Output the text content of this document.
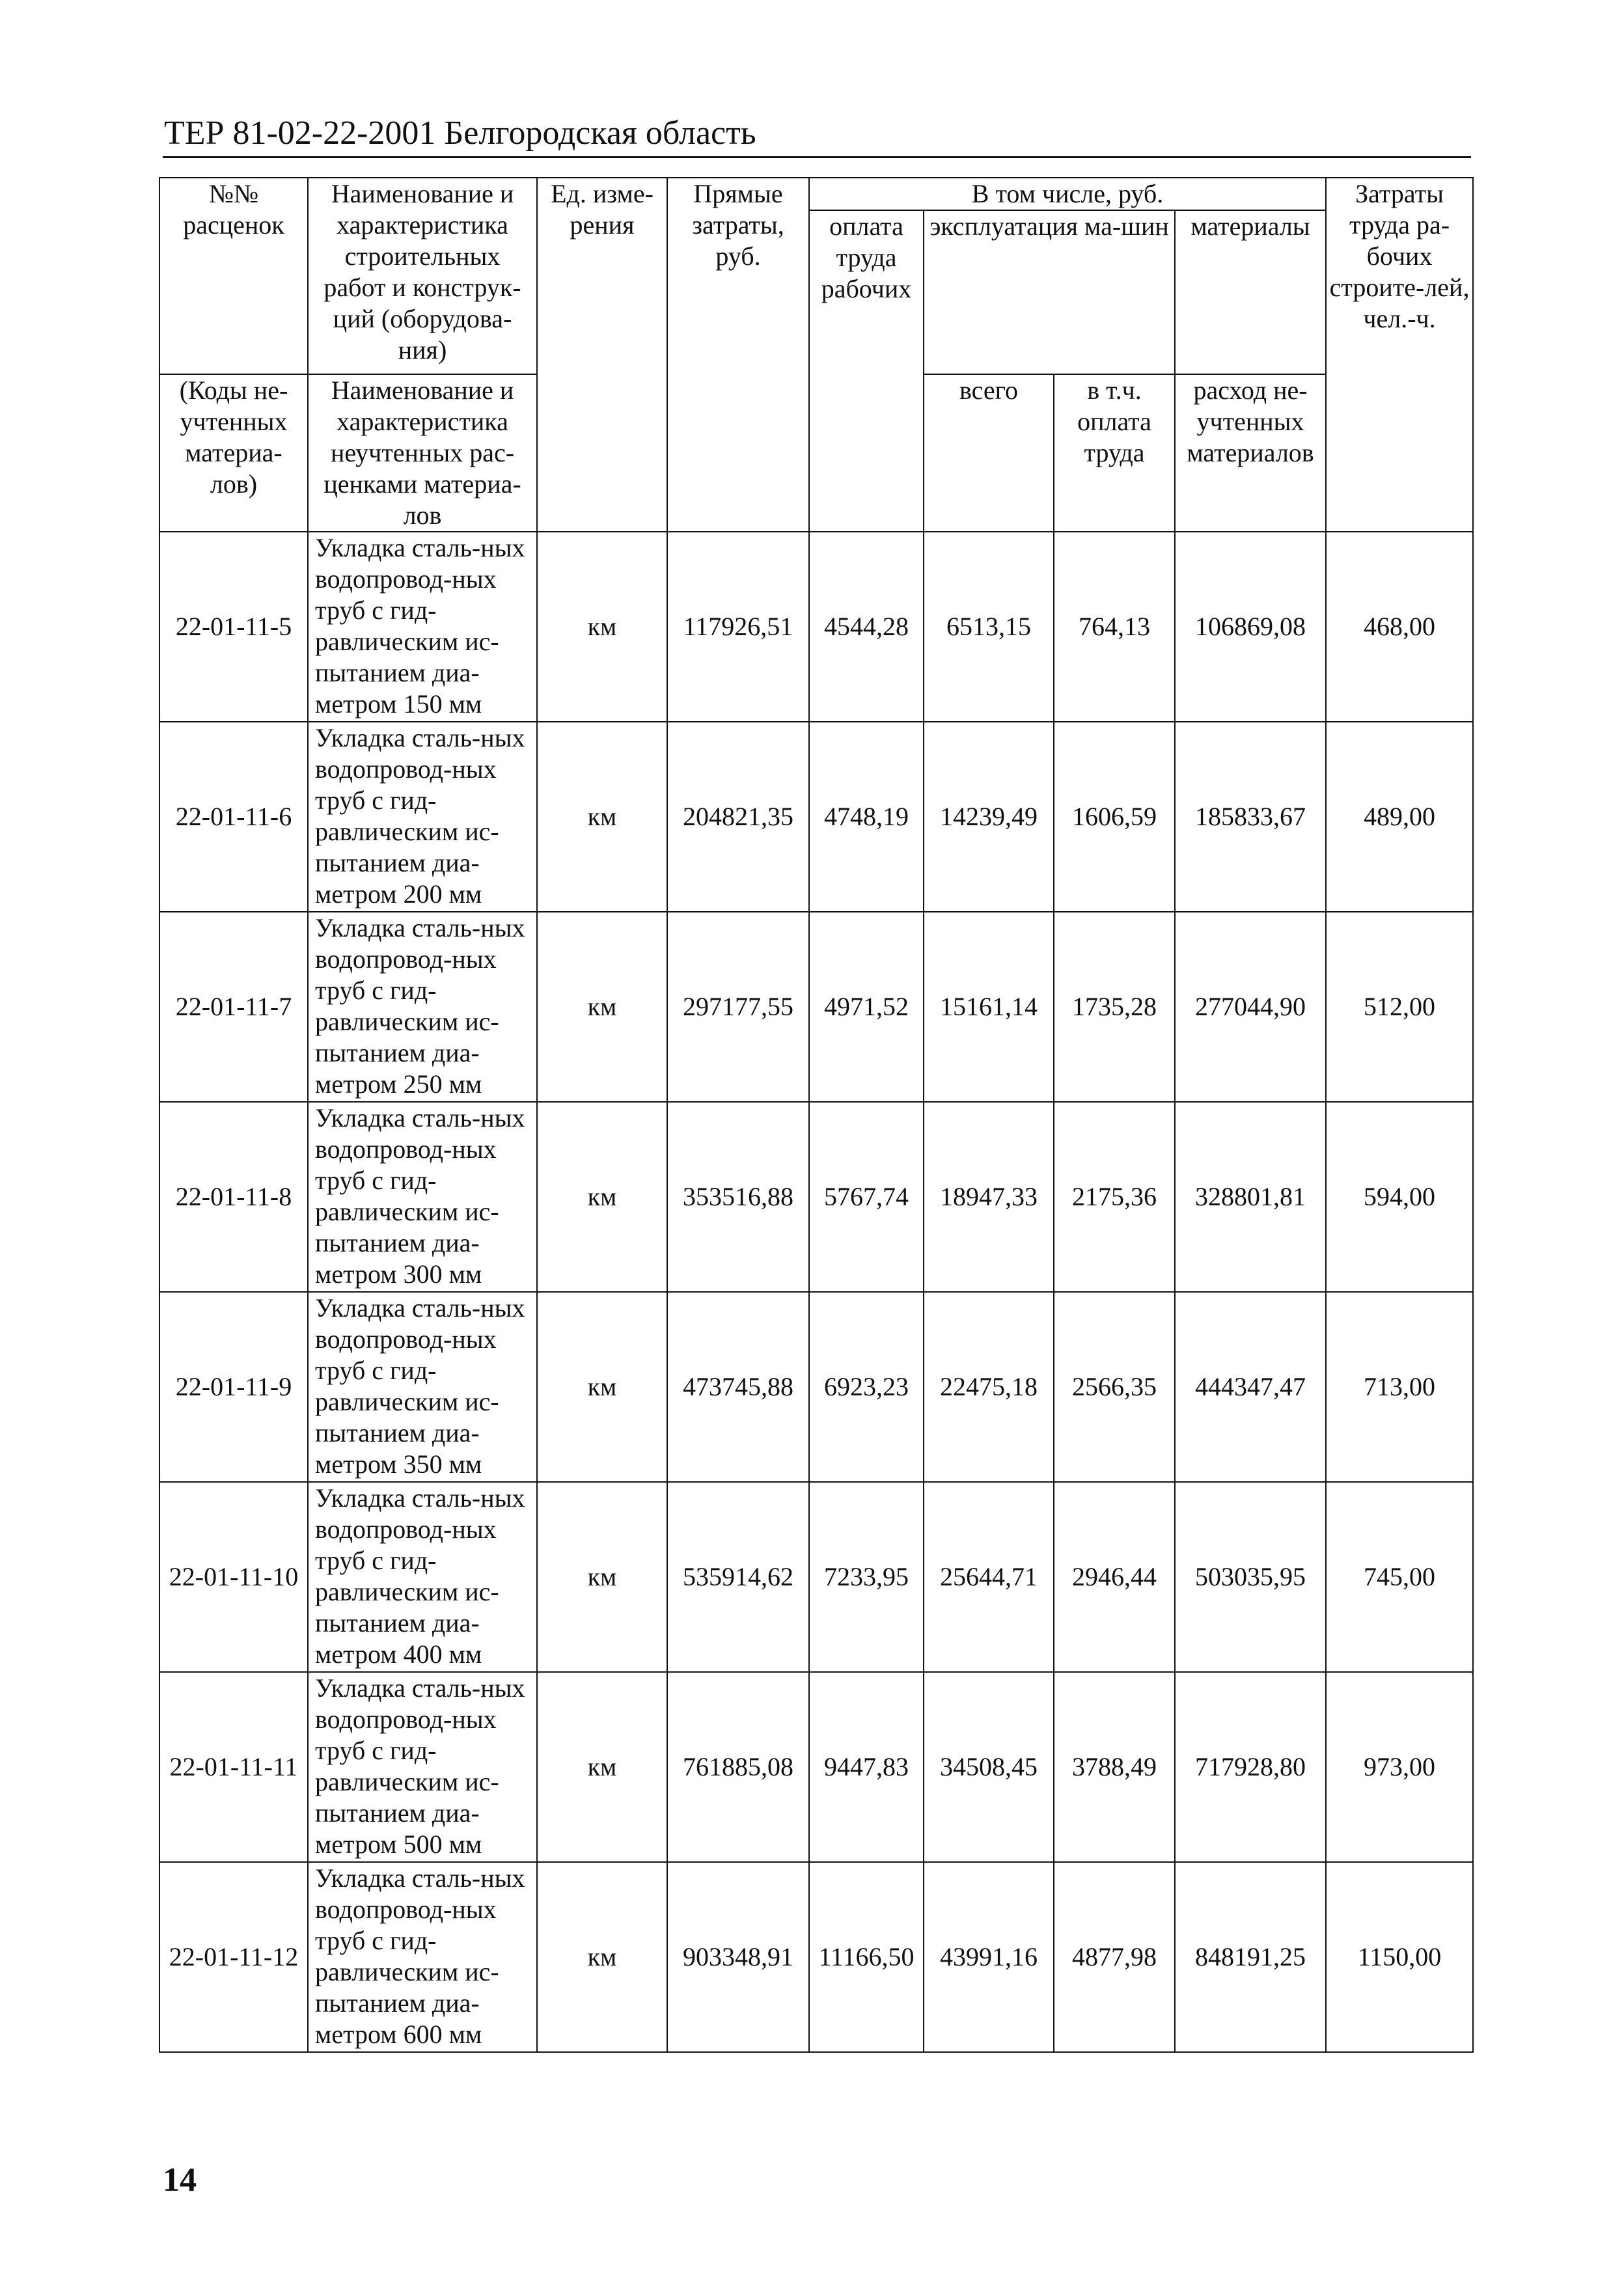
ТЕР 81-02-22-2001 Белгородская область
№№ расценок	Наименование и характеристика строительных работ и конструк-ций (оборудова-ния)	Ед. изме-рения	Прямые затраты, руб.	В том числе, руб.				Затраты труда ра-бочих строите-лей, чел.-ч.
				оплата труда рабочих	эксплуатация ма-шин		материалы	
(Коды не-учтенных материа-лов)	Наименование и характеристика неучтенных рас-ценками материа-лов				всего	в т.ч. оплата труда	расход не-учтенных материалов	
22-01-11-5	Укладка сталь-ных водопровод-ных труб с гид-равлическим ис-пытанием диа-метром 150 мм	км	117926,51	4544,28	6513,15	764,13	106869,08	468,00
22-01-11-6	Укладка сталь-ных водопровод-ных труб с гид-равлическим ис-пытанием диа-метром 200 мм	км	204821,35	4748,19	14239,49	1606,59	185833,67	489,00
22-01-11-7	Укладка сталь-ных водопровод-ных труб с гид-равлическим ис-пытанием диа-метром 250 мм	км	297177,55	4971,52	15161,14	1735,28	277044,90	512,00
22-01-11-8	Укладка сталь-ных водопровод-ных труб с гид-равлическим ис-пытанием диа-метром 300 мм	км	353516,88	5767,74	18947,33	2175,36	328801,81	594,00
22-01-11-9	Укладка сталь-ных водопровод-ных труб с гид-равлическим ис-пытанием диа-метром 350 мм	км	473745,88	6923,23	22475,18	2566,35	444347,47	713,00
22-01-11-10	Укладка сталь-ных водопровод-ных труб с гид-равлическим ис-пытанием диа-метром 400 мм	км	535914,62	7233,95	25644,71	2946,44	503035,95	745,00
22-01-11-11	Укладка сталь-ных водопровод-ных труб с гид-равлическим ис-пытанием диа-метром 500 мм	км	761885,08	9447,83	34508,45	3788,49	717928,80	973,00
22-01-11-12	Укладка сталь-ных водопровод-ных труб с гид-равлическим ис-пытанием диа-метром 600 мм	км	903348,91	11166,50	43991,16	4877,98	848191,25	1150,00
14
